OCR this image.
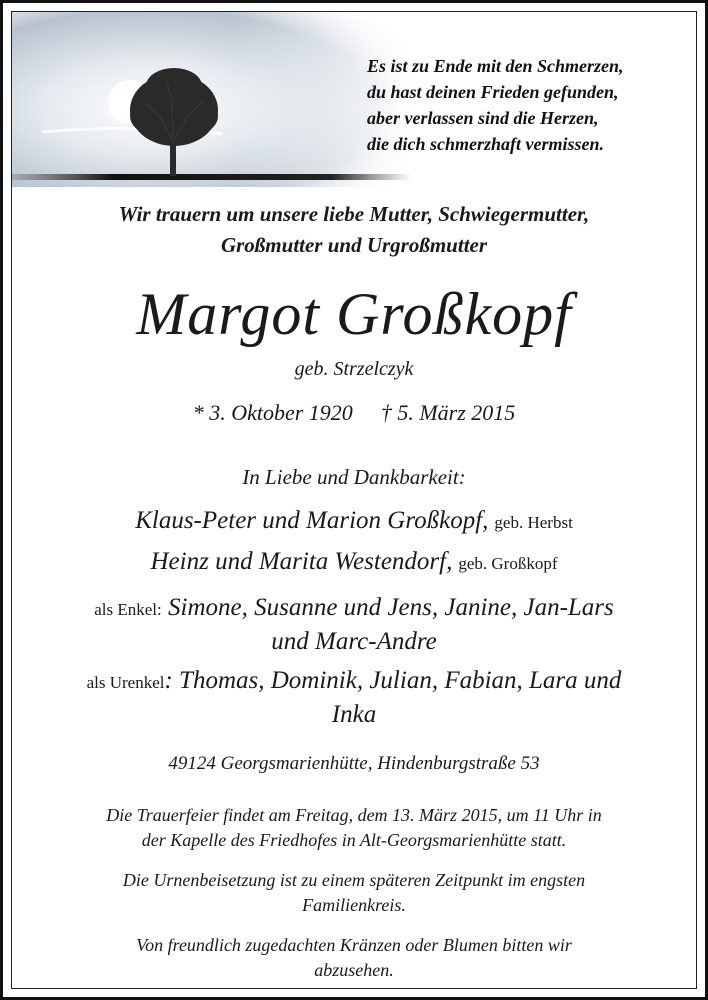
Es ist zu Ende mit den Schmerzen,
du hast deinen Frieden gefunden,
aber verlassen sind die Herzen,
die dich schmerzhaft vermissen.
Wir trauern um unsere liebe Mutter, Schwiegermutter,
Großmutter und Urgroßmutter
Margot Großkopf
geb. Strzelczyk
* 3. Oktober 1920 † 5. März 2015
In Liebe und Dankbarkeit:
Klaus-Peter und Marion Großkopf, geb. Herbst
Heinz und Marita Westendorf, geb. Großkopf
als Enkel: Simone, Susanne und Jens, Janine, Jan-Lars
und Marc-Andre
als Urenkel: Thomas, Dominik, Julian, Fabian, Lara und
Inka
49124 Georgsmarienhütte, Hindenburgstraße 53
Die Trauerfeier findet am Freitag, dem 13. März 2015, um 11 Uhr in
der Kapelle des Friedhofes in Alt-Georgsmarienhütte statt.
Die Urnenbeisetzung ist zu einem späteren Zeitpunkt im engsten
Familienkreis.
Von freundlich zugedachten Kränzen oder Blumen bitten wir
abzusehen.
